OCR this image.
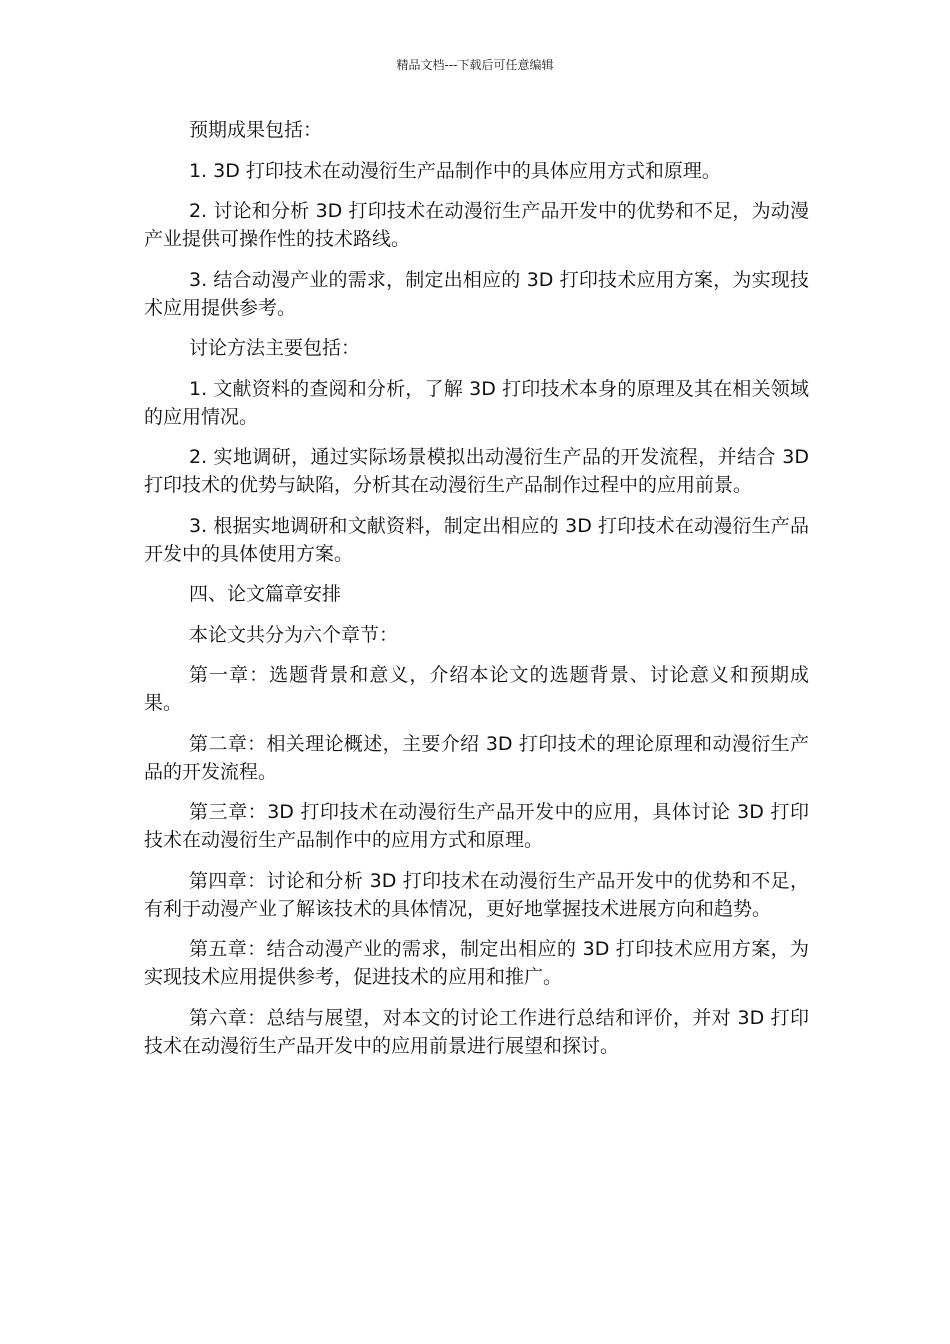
精品文档---下载后可任意编辑

预期成果包括：

1. 3D 打印技术在动漫衍生产品制作中的具体应用方式和原理。

2. 讨论和分析 3D 打印技术在动漫衍生产品开发中的优势和不足，为动漫产业提供可操作性的技术路线。

3. 结合动漫产业的需求，制定出相应的 3D 打印技术应用方案，为实现技术应用提供参考。

讨论方法主要包括：

1. 文献资料的查阅和分析，了解 3D 打印技术本身的原理及其在相关领域的应用情况。

2. 实地调研，通过实际场景模拟出动漫衍生产品的开发流程，并结合 3D 打印技术的优势与缺陷，分析其在动漫衍生产品制作过程中的应用前景。

3. 根据实地调研和文献资料，制定出相应的 3D 打印技术在动漫衍生产品开发中的具体使用方案。

四、论文篇章安排

本论文共分为六个章节：

第一章：选题背景和意义，介绍本论文的选题背景、讨论意义和预期成果。

第二章：相关理论概述，主要介绍 3D 打印技术的理论原理和动漫衍生产品的开发流程。

第三章：3D 打印技术在动漫衍生产品开发中的应用，具体讨论 3D 打印技术在动漫衍生产品制作中的应用方式和原理。

第四章：讨论和分析 3D 打印技术在动漫衍生产品开发中的优势和不足，有利于动漫产业了解该技术的具体情况，更好地掌握技术进展方向和趋势。

第五章：结合动漫产业的需求，制定出相应的 3D 打印技术应用方案，为实现技术应用提供参考，促进技术的应用和推广。

第六章：总结与展望，对本文的讨论工作进行总结和评价，并对 3D 打印技术在动漫衍生产品开发中的应用前景进行展望和探讨。
